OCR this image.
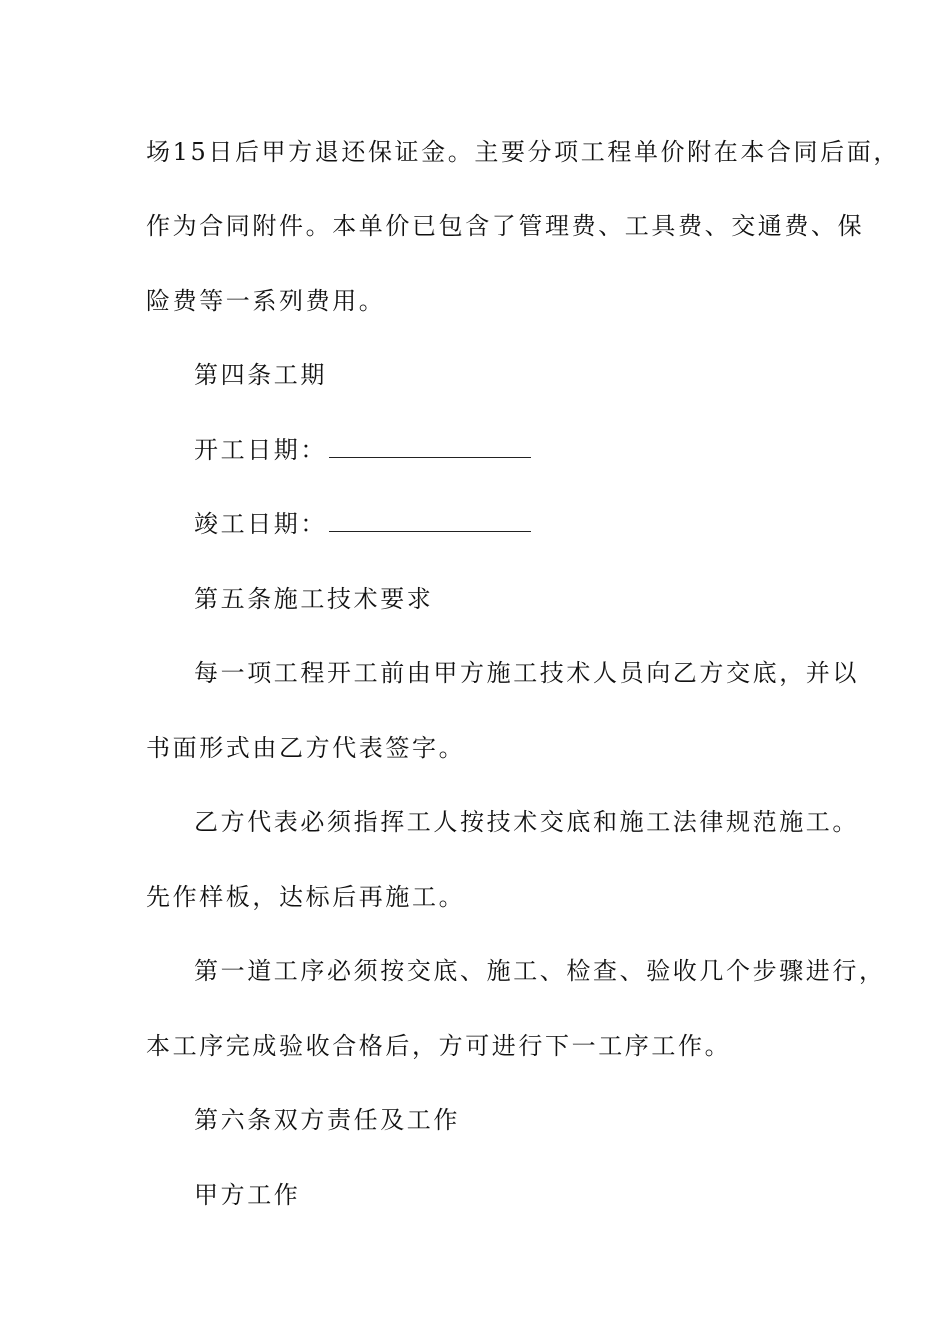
场15日后甲方退还保证金。主要分项工程单价附在本合同后面，
作为合同附件。本单价已包含了管理费、工具费、交通费、保
险费等一系列费用。
第四条工期
开工日期：
竣工日期：
第五条施工技术要求
每一项工程开工前由甲方施工技术人员向乙方交底，并以
书面形式由乙方代表签字。
乙方代表必须指挥工人按技术交底和施工法律规范施工。
先作样板，达标后再施工。
第一道工序必须按交底、施工、检查、验收几个步骤进行，
本工序完成验收合格后，方可进行下一工序工作。
第六条双方责任及工作
甲方工作
